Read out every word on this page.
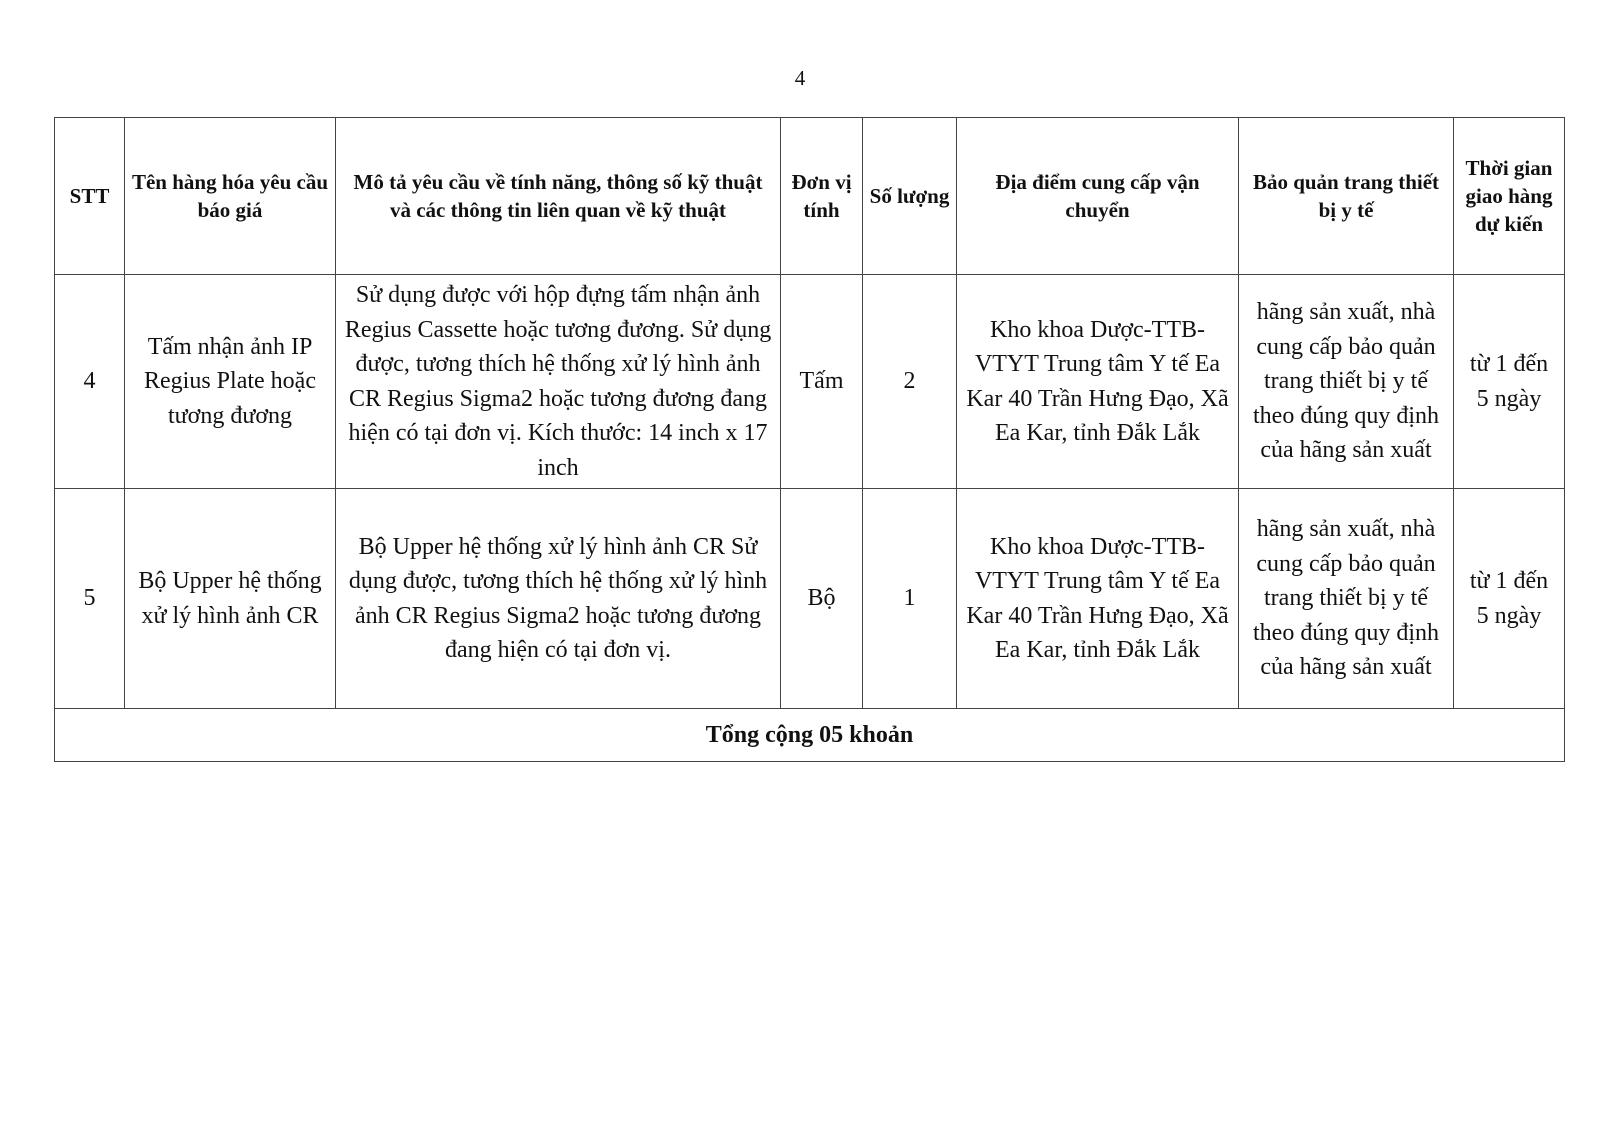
4
STT	Tên hàng hóa yêu cầu báo giá	Mô tả yêu cầu về tính năng, thông số kỹ thuật và các thông tin liên quan về kỹ thuật	Đơn vị tính	Số lượng	Địa điểm cung cấp vận chuyển	Bảo quản trang thiết bị y tế	Thời gian giao hàng dự kiến
4	Tấm nhận ảnh IP Regius Plate hoặc tương đương	Sử dụng được với hộp đựng tấm nhận ảnh Regius Cassette hoặc tương đương. Sử dụng được, tương thích hệ thống xử lý hình ảnh CR Regius Sigma2 hoặc tương đương đang hiện có tại đơn vị. Kích thước: 14 inch x 17 inch	Tấm	2	Kho khoa Dược-TTB-VTYT Trung tâm Y tế Ea Kar 40 Trần Hưng Đạo, Xã Ea Kar, tỉnh Đắk Lắk	hãng sản xuất, nhà cung cấp bảo quản trang thiết bị y tế theo đúng quy định của hãng sản xuất	từ 1 đến 5 ngày
5	Bộ Upper hệ thống xử lý hình ảnh CR	Bộ Upper hệ thống xử lý hình ảnh CR Sử dụng được, tương thích hệ thống xử lý hình ảnh CR Regius Sigma2 hoặc tương đương đang hiện có tại đơn vị.	Bộ	1	Kho khoa Dược-TTB-VTYT Trung tâm Y tế Ea Kar 40 Trần Hưng Đạo, Xã Ea Kar, tỉnh Đắk Lắk	hãng sản xuất, nhà cung cấp bảo quản trang thiết bị y tế theo đúng quy định của hãng sản xuất	từ 1 đến 5 ngày
Tổng cộng 05 khoản							
